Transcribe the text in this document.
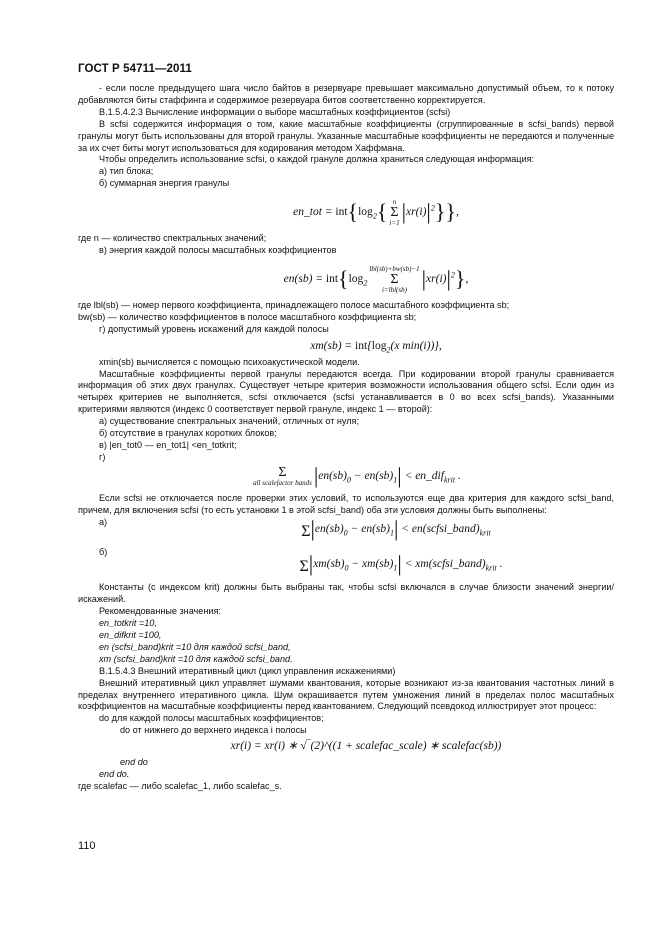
ГОСТ Р 54711—2011

- если после предыдущего шага число байтов в резервуаре превышает максимально допустимый объем, то к потоку добавляются биты стаффинга и содержимое резервуара битов соответственно корректируется.

В.1.5.4.2.3 Вычисление информации о выборе масштабных коэффициентов (scfsi)

В scfsi содержится информация о том, какие масштабные коэффициенты (сгруппированные в scfsi_bands) первой гранулы могут быть использованы для второй гранулы. Указанные масштабные коэффициенты не передаются и полученные за их счет биты могут использоваться для кодирования методом Хаффмана.

Чтобы определить использование scfsi, о каждой грануле должна храниться следующая информация:

а) тип блока;

б) суммарная энергия гранулы

en_tot = $int\{\log_2${ n
Σ
$i=1|xr(i)|^2$}},

где n — количество спектральных значений;

в) энергия каждой полосы масштабных коэффициентов

$en(sb) = int\{\log_2lbl(sb)+bw(sb)-1$
Σ
i=lbl(sb) $|xr(i)|^2$},

где lbl(sb) — номер первого коэффициента, принадлежащего полосе масштабного коэффициента sb;

bw(sb) — количество коэффициентов в полосе масштабного коэффициента sb;

г) допустимый уровень искажений для каждой полосы

$xm(sb) = int\{\log_2(x$ min(i))},

xmin(sb) вычисляется с помощью психоакустической модели.

Масштабные коэффициенты первой гранулы передаются всегда. При кодировании второй гранулы сравнивается информация об этих двух гранулах. Существует четыре критерия возможности использования общего scfsi. Если один из четырех критериев не выполняется, scfsi отключается (scfsi устанавливается в 0 во всех scfsi_bands). Указанными критериями являются (индекс 0 соответствует первой грануле, индекс 1 — второй):

а) существование спектральных значений, отличных от нуля;

б) отсутствие в гранулах коротких блоков;

в) |en_tot0 — en_tot1| <en_totkrit;

г)

Σ
all scalefactor $bands|en(sb)_0 - en(sb)_1|$ < en_dif$_{krit}$ .

Если scfsi не отключается после проверки этих условий, то используются еще два критерия для каждого scfsi_band, причем, для включения scfsi (то есть установки 1 в этой scfsi_band) оба эти условия должны быть выполнены:

а)

$\Sigma|en(sb)_0 - en(sb)_1|$ < $en(scfsi\_band)_{krit}$

б)

$\Sigma|xm(sb)_0 - xm(sb)_1|$ < $xm(scfsi\_band)_{krit}$ .

Константы (с индексом krit) должны быть выбраны так, чтобы scfsi включался в случае близости значений энергии/искажений.

Рекомендованные значения:

en_totkrit =10,

en_difkrit =100,

en (scfsi_band)krit =10 для каждой scfsi_band,

xm (scfsi_band)krit =10 для каждой scfsi_band.

В.1.5.4.3 Внешний итеративный цикл (цикл управления искажениями)

Внешний итеративный цикл управляет шумами квантования, которые возникают из-за квантования частотных линий в пределах внутреннего итеративного цикла. Шум окрашивается путем умножения линий в пределах полос масштабных коэффициентов на масштабные коэффициенты перед квантованием. Следующий псевдокод иллюстрирует этот процесс:

do для каждой полосы масштабных коэффициентов;

do от нижнего до верхнего индекса i полосы

xr(i) = xr(i) ∗ √‾(2)^((1 + scalefac_scale) ∗ scalefac(sb))

end do

end do.

где scalefac — либо scalefac_1, либо scalefac_s.

110
